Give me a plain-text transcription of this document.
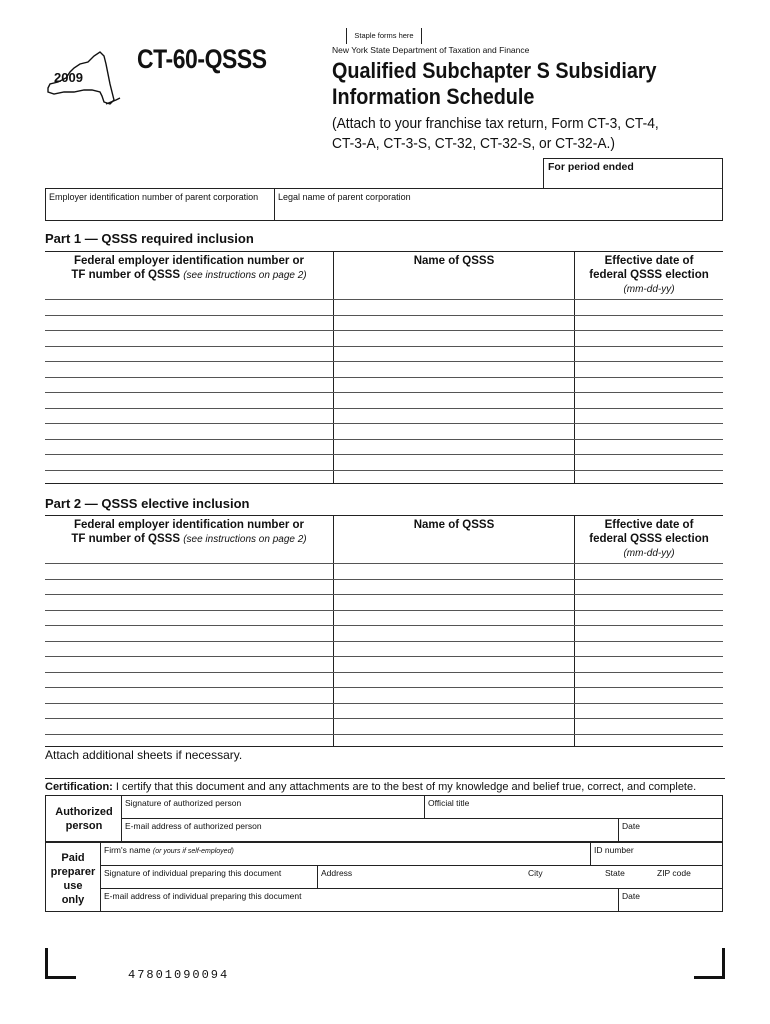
Staple forms here
2009
CT-60-QSSS	New York State Department of Taxation and Finance
Qualified Subchapter S Subsidiary
Information Schedule
(Attach to your franchise tax return, Form CT-3, CT-4,
CT-3-A, CT-3-S, CT-32, CT-32-S, or CT-32-A.)
For period ended
Employer identification number of parent corporation	Legal name of parent corporation
Part 1 — QSSS required inclusion
Federal employer identification number or
TF number of QSSS (see instructions on page 2)
Name of QSSS	Effective date of
federal QSSS election
(mm-dd-yy)
Part 2 — QSSS elective inclusion
Federal employer identification number or
TF number of QSSS (see instructions on page 2)
Name of QSSS	Effective date of
federal QSSS election
(mm-dd-yy)
Attach additional sheets if necessary.
Certification: I certify that this document and any attachments are to the best of my knowledge and belief true, correct, and complete.
Authorized
person
Signature of authorized person	Official title
E-mail address of authorized person	Date
Paid
preparer
use
only
Firm's name (or yours if self-employed)	ID number
Signature of individual preparing this document	Address	City	State	ZIP code
E-mail address of individual preparing this document	Date
47801090094
